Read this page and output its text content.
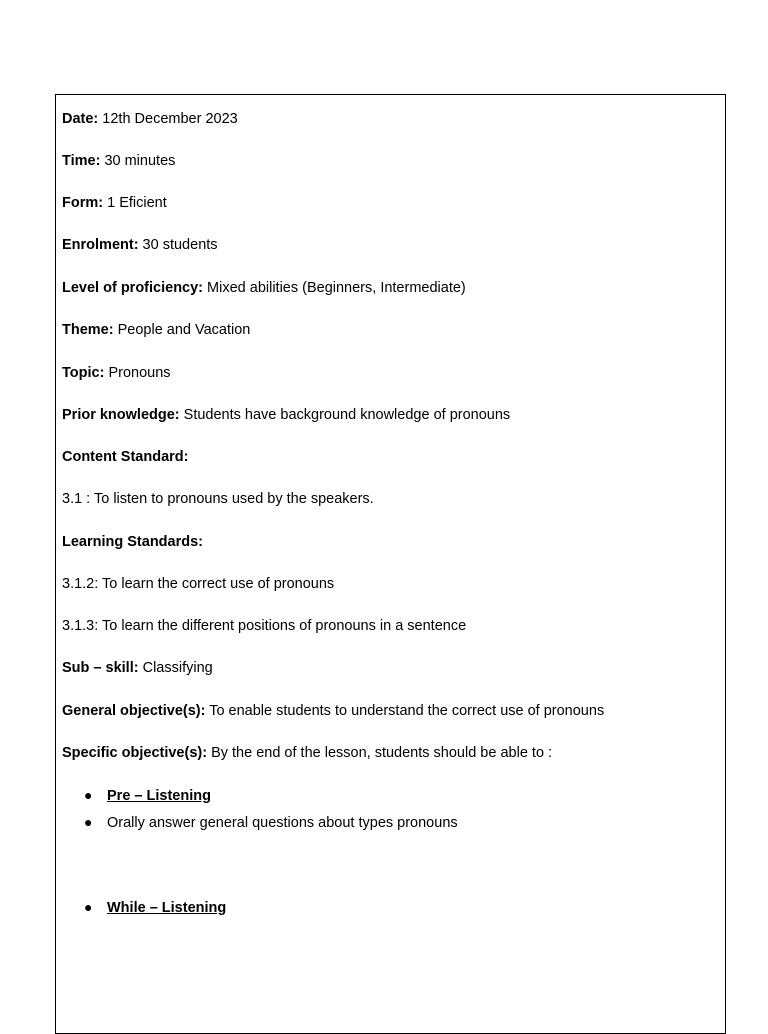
Date: 12th December 2023
Time: 30 minutes
Form: 1 Eficient
Enrolment: 30 students
Level of proficiency: Mixed abilities (Beginners, Intermediate)
Theme: People and Vacation
Topic: Pronouns
Prior knowledge: Students have background knowledge of pronouns
Content Standard:
3.1 : To listen to pronouns used by the speakers.
Learning Standards:
3.1.2: To learn the correct use of pronouns
3.1.3: To learn the different positions of pronouns in a sentence
Sub – skill: Classifying
General objective(s): To enable students to understand the correct use of pronouns
Specific objective(s): By the end of the lesson, students should be able to :
● Pre – Listening
● Orally answer general questions about types pronouns
● While – Listening
